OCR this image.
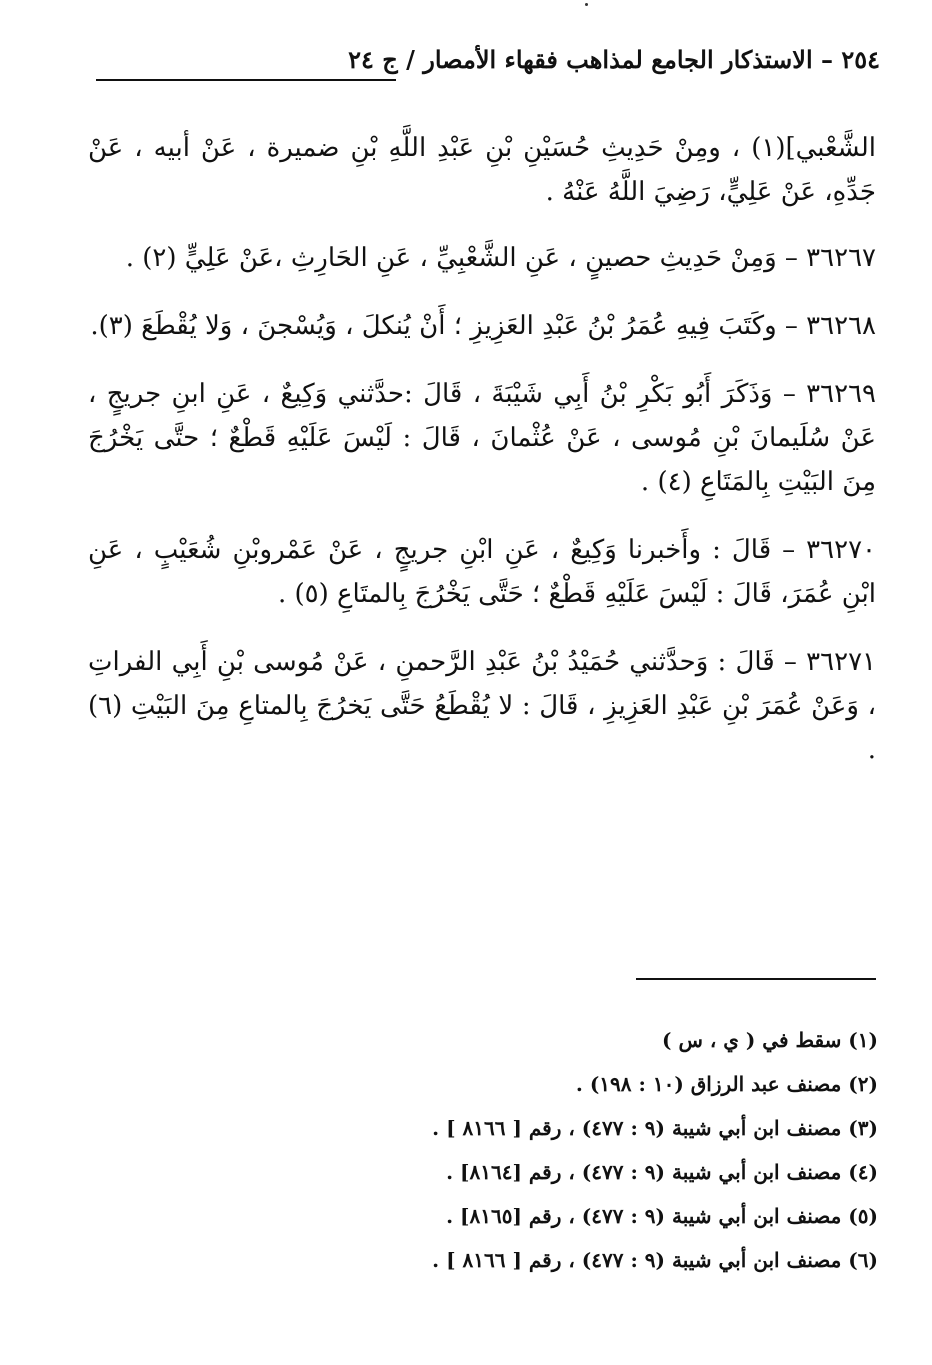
٢٥٤ – الاستذكار الجامع لمذاهب فقهاء الأمصار / ج ٢٤

الشَّعْبي](١) ، ومِنْ حَدِيثِ حُسَيْنِ بْنِ عَبْدِ اللَّهِ بْنِ ضميرة ، عَنْ أبيه ، عَنْ جَدِّهِ، عَنْ عَلِيٍّ، رَضِيَ اللَّهُ عَنْهُ .

٣٦٢٦٧ – وَمِنْ حَدِيثِ حصينٍ ، عَنِ الشَّعْبِيِّ ، عَنِ الحَارِثِ ،عَنْ عَلِيٍّ (٢) .

٣٦٢٦٨ – وكَتَبَ فِيهِ عُمَرُ بْنُ عَبْدِ العَزِيزِ ؛ أَنْ يُنكلَ ، وَيُسْجنَ ، وَلا يُقْطَعَ (٣).

٣٦٢٦٩ – وَذَكَرَ أَبُو بَكْرِ بْنُ أَبِي شَيْبَةَ ، قَالَ :حدَّثني وَكِيعٌ ، عَنِ ابنِ جريجٍ ، عَنْ سُلَيمانَ بْنِ مُوسى ، عَنْ عُثْمانَ ، قَالَ : لَيْسَ عَلَيْهِ قَطْعٌ ؛ حتَّى يَخْرُجَ مِنَ البَيْتِ بِالمَتَاعِ (٤) .

٣٦٢٧٠ – قَالَ : وأَخبرنا وَكِيعٌ ، عَنِ ابْنِ جريجٍ ، عَنْ عَمْروبْنِ شُعَيْبٍ ، عَنِ ابْنِ عُمَرَ، قَالَ : لَيْسَ عَلَيْهِ قَطْعٌ ؛ حَتَّى يَخْرُجَ بِالمتَاعِ (٥) .

٣٦٢٧١ – قَالَ : وَحدَّثني حُمَيْدُ بْنُ عَبْدِ الرَّحمنِ ، عَنْ مُوسى بْنِ أَبِي الفراتِ ، وَعَنْ عُمَرَ بْنِ عَبْدِ العَزِيزِ ، قَالَ : لا يُقْطَعُ حَتَّى يَخرُجَ بِالمتاعِ مِنَ البَيْتِ (٦) .

(١) سقط في ( ي ، س )

(٢) مصنف عبد الرزاق (١٠ : ١٩٨) .

(٣) مصنف ابن أبي شيبة (٩ : ٤٧٧) ، رقم [ ٨١٦٦ ] .

(٤) مصنف ابن أبي شيبة (٩ : ٤٧٧) ، رقم [٨١٦٤] .

(٥) مصنف ابن أبي شيبة (٩ : ٤٧٧) ، رقم [٨١٦٥] .

(٦) مصنف ابن أبي شيبة (٩ : ٤٧٧) ، رقم [ ٨١٦٦ ] .
